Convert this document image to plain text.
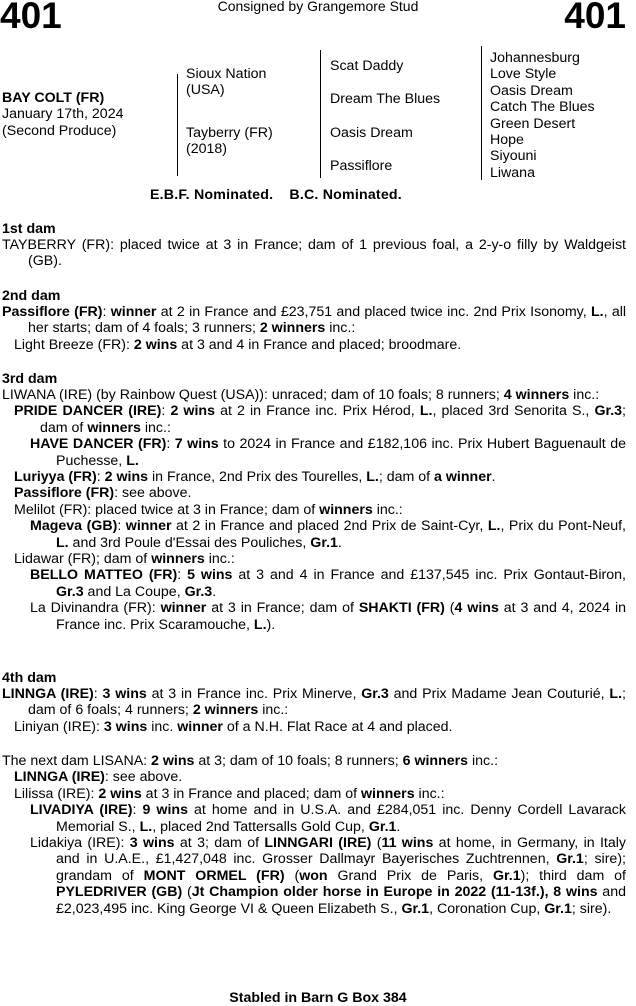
401	Consigned by Grangemore Stud	401
BAY COLT (FR)
January 17th, 2024
(Second Produce)
Sioux Nation
(USA)
Tayberry (FR)
(2018)
Scat Daddy
Dream The Blues
Oasis Dream
Passiflore
Johannesburg
Love Style
Oasis Dream
Catch The Blues
Green Desert
Hope
Siyouni
Liwana
E.B.F. Nominated. B.C. Nominated.
1st dam
TAYBERRY (FR): placed twice at 3 in France; dam of 1 previous foal, a 2-y-o filly by Waldgeist (GB).
2nd dam
Passiflore (FR): winner at 2 in France and £23,751 and placed twice inc. 2nd Prix Isonomy, L., all her starts; dam of 4 foals; 3 runners; 2 winners inc.:
Light Breeze (FR): 2 wins at 3 and 4 in France and placed; broodmare.
3rd dam
LIWANA (IRE) (by Rainbow Quest (USA)): unraced; dam of 10 foals; 8 runners; 4 winners inc.:
PRIDE DANCER (IRE): 2 wins at 2 in France inc. Prix Hérod, L., placed 3rd Senorita S., Gr.3; dam of winners inc.:
HAVE DANCER (FR): 7 wins to 2024 in France and £182,106 inc. Prix Hubert Baguenault de Puchesse, L.
Luriyya (FR): 2 wins in France, 2nd Prix des Tourelles, L.; dam of a winner.
Passiflore (FR): see above.
Melilot (FR): placed twice at 3 in France; dam of winners inc.:
Mageva (GB): winner at 2 in France and placed 2nd Prix de Saint-Cyr, L., Prix du Pont-Neuf, L. and 3rd Poule d'Essai des Pouliches, Gr.1.
Lidawar (FR); dam of winners inc.:
BELLO MATTEO (FR): 5 wins at 3 and 4 in France and £137,545 inc. Prix Gontaut-Biron, Gr.3 and La Coupe, Gr.3.
La Divinandra (FR): winner at 3 in France; dam of SHAKTI (FR) (4 wins at 3 and 4, 2024 in France inc. Prix Scaramouche, L.).
4th dam
LINNGA (IRE): 3 wins at 3 in France inc. Prix Minerve, Gr.3 and Prix Madame Jean Couturié, L.; dam of 6 foals; 4 runners; 2 winners inc.:
Liniyan (IRE): 3 wins inc. winner of a N.H. Flat Race at 4 and placed.
The next dam LISANA: 2 wins at 3; dam of 10 foals; 8 runners; 6 winners inc.:
LINNGA (IRE): see above.
Lilissa (IRE): 2 wins at 3 in France and placed; dam of winners inc.:
LIVADIYA (IRE): 9 wins at home and in U.S.A. and £284,051 inc. Denny Cordell Lavarack Memorial S., L., placed 2nd Tattersalls Gold Cup, Gr.1.
Lidakiya (IRE): 3 wins at 3; dam of LINNGARI (IRE) (11 wins at home, in Germany, in Italy and in U.A.E., £1,427,048 inc. Grosser Dallmayr Bayerisches Zuchtrennen, Gr.1; sire); grandam of MONT ORMEL (FR) (won Grand Prix de Paris, Gr.1); third dam of PYLEDRIVER (GB) (Jt Champion older horse in Europe in 2022 (11-13f.), 8 wins and £2,023,495 inc. King George VI & Queen Elizabeth S., Gr.1, Coronation Cup, Gr.1; sire).
Stabled in Barn G Box 384
